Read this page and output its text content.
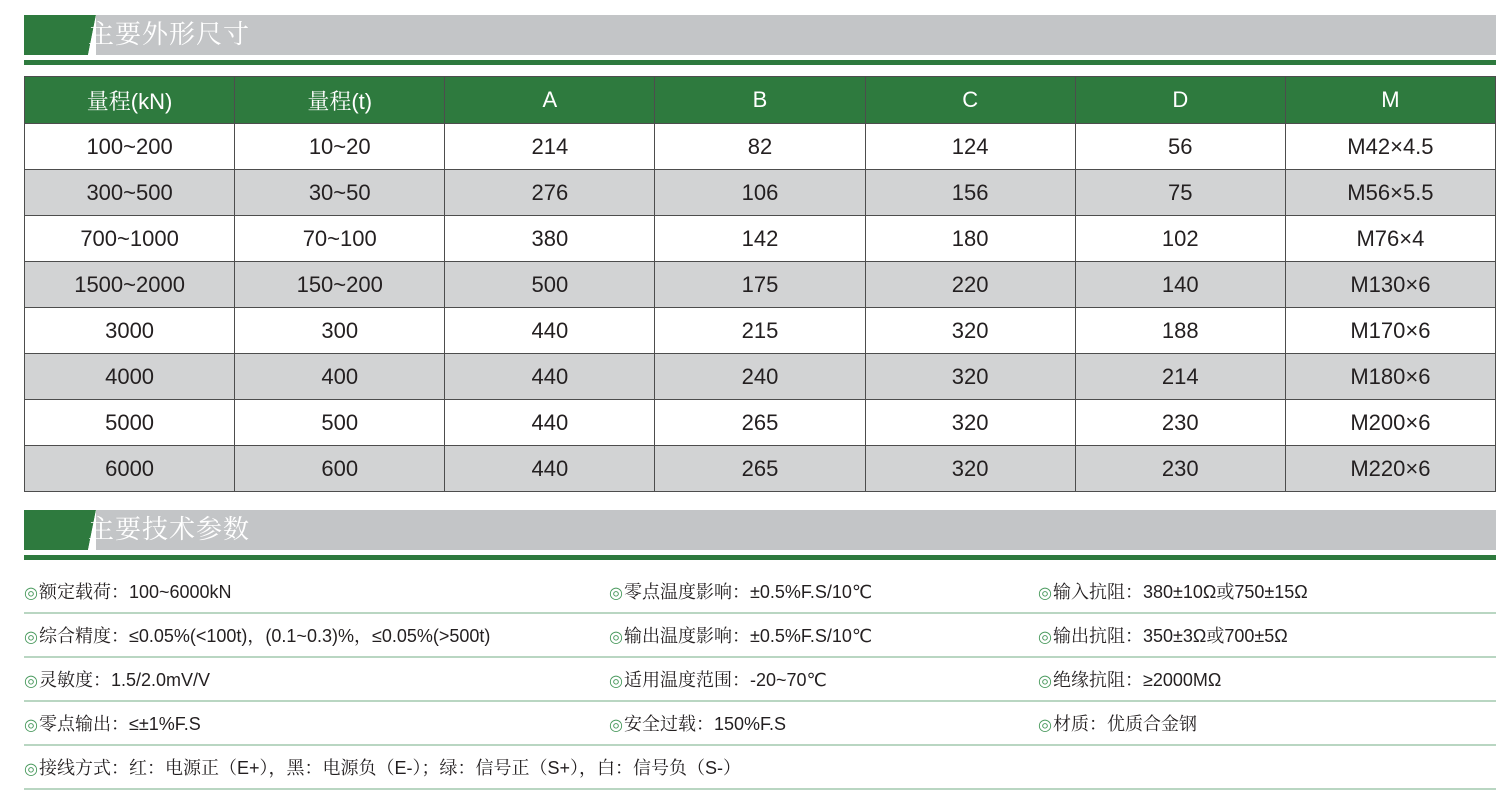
主要外形尺寸
量程(kN)	量程(t)	A	B	C	D	M
100~200	10~20	214	82	124	56	M42×4.5
300~500	30~50	276	106	156	75	M56×5.5
700~1000	70~100	380	142	180	102	M76×4
1500~2000	150~200	500	175	220	140	M130×6
3000	300	440	215	320	188	M170×6
4000	400	440	240	320	214	M180×6
5000	500	440	265	320	230	M200×6
6000	600	440	265	320	230	M220×6
主要技术参数
◎额定载荷：100~6000kN	◎零点温度影响：±0.5%F.S/10℃	◎输入抗阻：380±10Ω或750±15Ω
◎综合精度：≤0.05%(<100t)，(0.1~0.3)%，≤0.05%(>500t)	◎输出温度影响：±0.5%F.S/10℃	◎输出抗阻：350±3Ω或700±5Ω
◎灵敏度：1.5/2.0mV/V	◎适用温度范围：-20~70℃	◎绝缘抗阻：≥2000MΩ
◎零点输出：≤±1%F.S	◎安全过载：150%F.S	◎材质：优质合金钢
◎接线方式：红：电源正（E+），黑：电源负（E-）；绿：信号正（S+），白：信号负（S-）
